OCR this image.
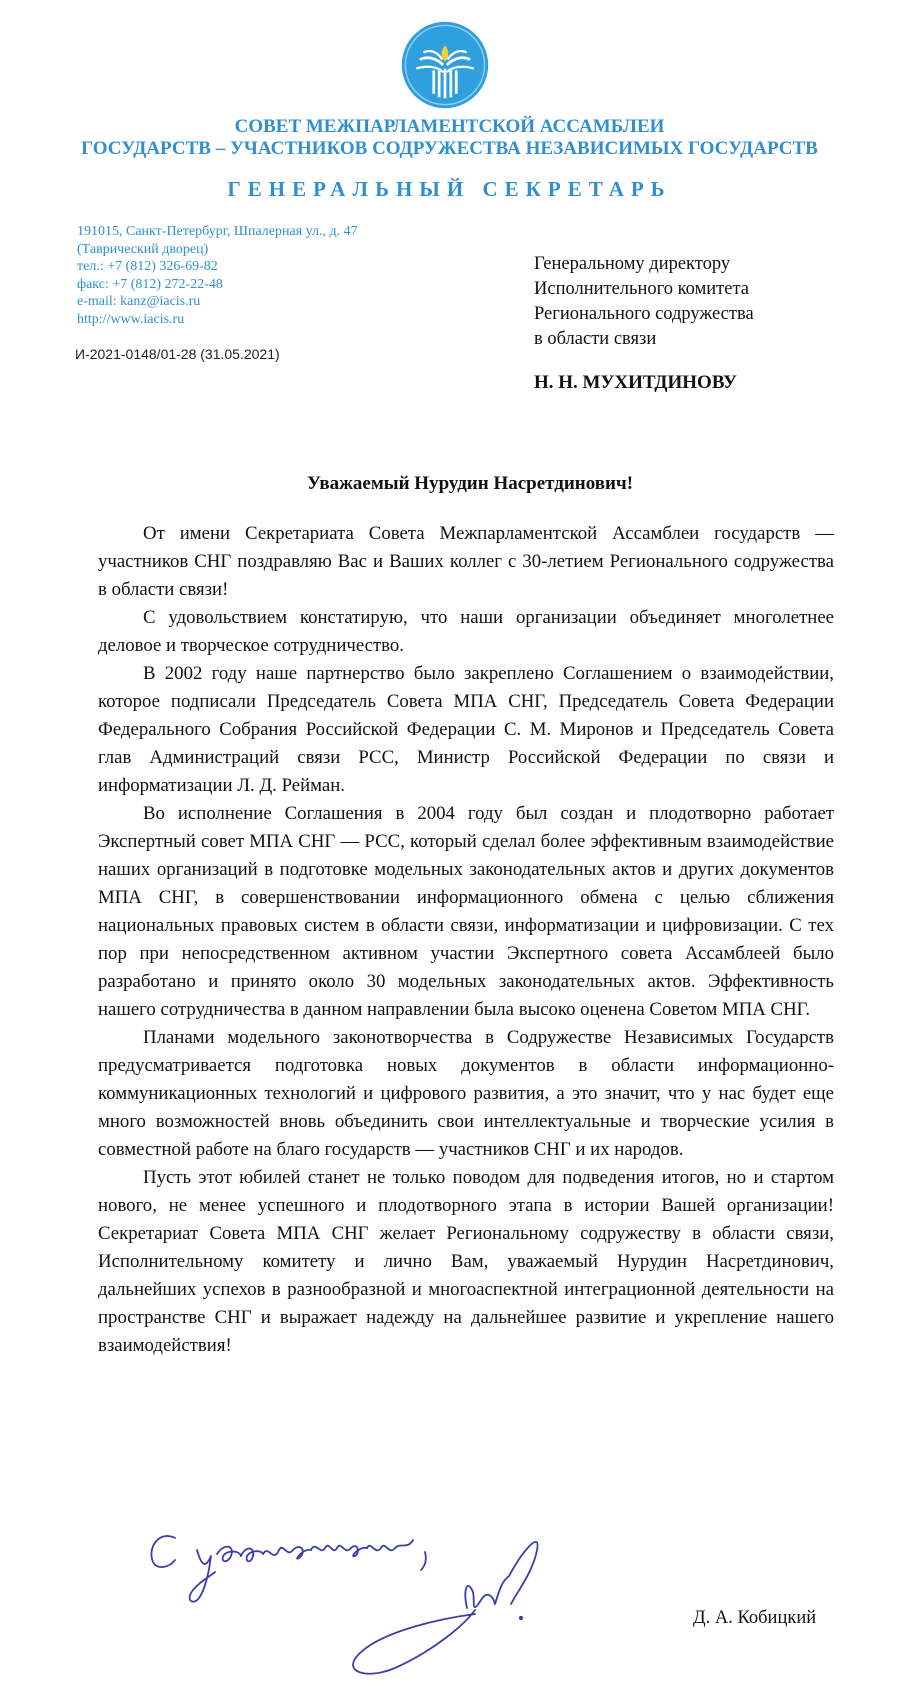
СОВЕТ МЕЖПАРЛАМЕНТСКОЙ АССАМБЛЕИ
ГОСУДАРСТВ – УЧАСТНИКОВ СОДРУЖЕСТВА НЕЗАВИСИМЫХ ГОСУДАРСТВ
ГЕНЕРАЛЬНЫЙ СЕКРЕТАРЬ
191015, Санкт-Петербург, Шпалерная ул., д. 47
(Таврический дворец)
тел.: +7 (812) 326-69-82
факс: +7 (812) 272-22-48
e-mail: kanz@iacis.ru
http://www.iacis.ru
И-2021-0148/01-28 (31.05.2021)
Генеральному директору
Исполнительного комитета
Регионального содружества
в области связи
Н. Н. МУХИТДИНОВУ
Уважаемый Нурудин Насретдинович!

От имени Секретариата Совета Межпарламентской Ассамблеи государств — участников СНГ поздравляю Вас и Ваших коллег с 30-летием Регионального содружества в области связи!

С удовольствием констатирую, что наши организации объединяет многолетнее деловое и творческое сотрудничество.

В 2002 году наше партнерство было закреплено Соглашением о взаимодействии, которое подписали Председатель Совета МПА СНГ, Председатель Совета Федерации Федерального Собрания Российской Федерации С. М. Миронов и Председатель Совета глав Администраций связи РСС, Министр Российской Федерации по связи и информатизации Л. Д. Рейман.

Во исполнение Соглашения в 2004 году был создан и плодотворно работает Экспертный совет МПА СНГ — РСС, который сделал более эффективным взаимодействие наших организаций в подготовке модельных законодательных актов и других документов МПА СНГ, в совершенствовании информационного обмена с целью сближения национальных правовых систем в области связи, информатизации и цифровизации. С тех пор при непосредственном активном участии Экспертного совета Ассамблеей было разработано и принято около 30 модельных законодательных актов. Эффективность нашего сотрудничества в данном направлении была высоко оценена Советом МПА СНГ.

Планами модельного законотворчества в Содружестве Независимых Государств предусматривается подготовка новых документов в области информационно-коммуникационных технологий и цифрового развития, а это значит, что у нас будет еще много возможностей вновь объединить свои интеллектуальные и творческие усилия в совместной работе на благо государств — участников СНГ и их народов.

Пусть этот юбилей станет не только поводом для подведения итогов, но и стартом нового, не менее успешного и плодотворного этапа в истории Вашей организации! Секретариат Совета МПА СНГ желает Региональному содружеству в области связи, Исполнительному комитету и лично Вам, уважаемый Нурудин Насретдинович, дальнейших успехов в разнообразной и многоаспектной интеграционной деятельности на пространстве СНГ и выражает надежду на дальнейшее развитие и укрепление нашего взаимодействия!

С уважением,
Д. А. Кобицкий
